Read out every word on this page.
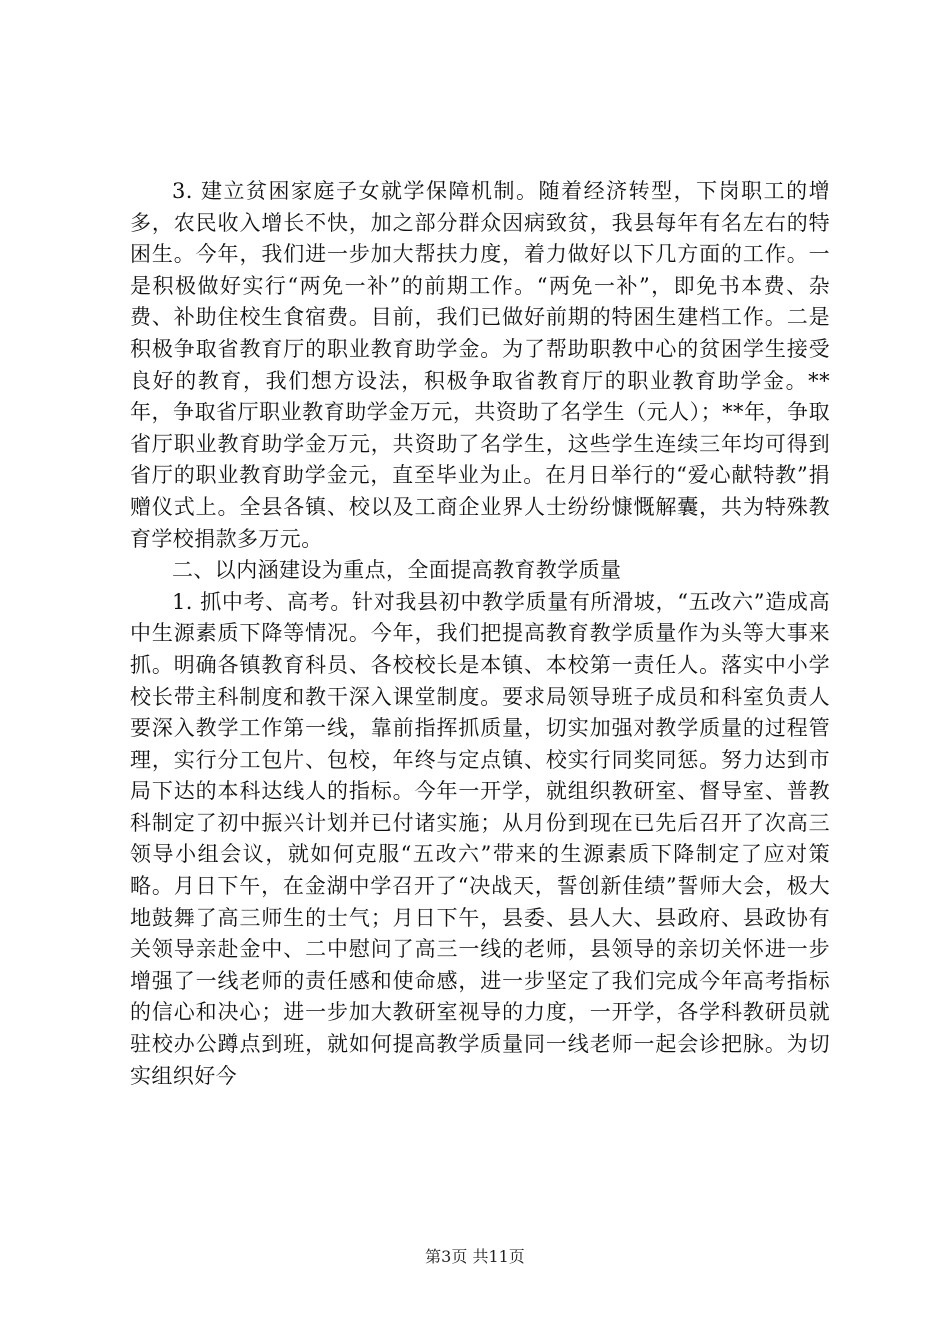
3. 建立贫困家庭子女就学保障机制。随着经济转型，下岗职工的增多，农民收入增长不快，加之部分群众因病致贫，我县每年有名左右的特困生。今年，我们进一步加大帮扶力度，着力做好以下几方面的工作。一是积极做好实行“两免一补”的前期工作。“两免一补”，即免书本费、杂费、补助住校生食宿费。目前，我们已做好前期的特困生建档工作。二是积极争取省教育厅的职业教育助学金。为了帮助职教中心的贫困学生接受良好的教育，我们想方设法，积极争取省教育厅的职业教育助学金。**年，争取省厅职业教育助学金万元，共资助了名学生（元人）；**年，争取省厅职业教育助学金万元，共资助了名学生，这些学生连续三年均可得到省厅的职业教育助学金元，直至毕业为止。在月日举行的“爱心献特教”捐赠仪式上。全县各镇、校以及工商企业界人士纷纷慷慨解囊，共为特殊教育学校捐款多万元。

二、以内涵建设为重点，全面提高教育教学质量

1. 抓中考、高考。针对我县初中教学质量有所滑坡，“五改六”造成高中生源素质下降等情况。今年，我们把提高教育教学质量作为头等大事来抓。明确各镇教育科员、各校校长是本镇、本校第一责任人。落实中小学校长带主科制度和教干深入课堂制度。要求局领导班子成员和科室负责人要深入教学工作第一线，靠前指挥抓质量，切实加强对教学质量的过程管理，实行分工包片、包校，年终与定点镇、校实行同奖同惩。努力达到市局下达的本科达线人的指标。今年一开学，就组织教研室、督导室、普教科制定了初中振兴计划并已付诸实施；从月份到现在已先后召开了次高三领导小组会议，就如何克服“五改六”带来的生源素质下降制定了应对策略。月日下午，在金湖中学召开了“决战天，誓创新佳绩”誓师大会，极大地鼓舞了高三师生的士气；月日下午，县委、县人大、县政府、县政协有关领导亲赴金中、二中慰问了高三一线的老师，县领导的亲切关怀进一步增强了一线老师的责任感和使命感，进一步坚定了我们完成今年高考指标的信心和决心；进一步加大教研室视导的力度，一开学，各学科教研员就驻校办公蹲点到班，就如何提高教学质量同一线老师一起会诊把脉。为切实组织好今

第3页 共11页
